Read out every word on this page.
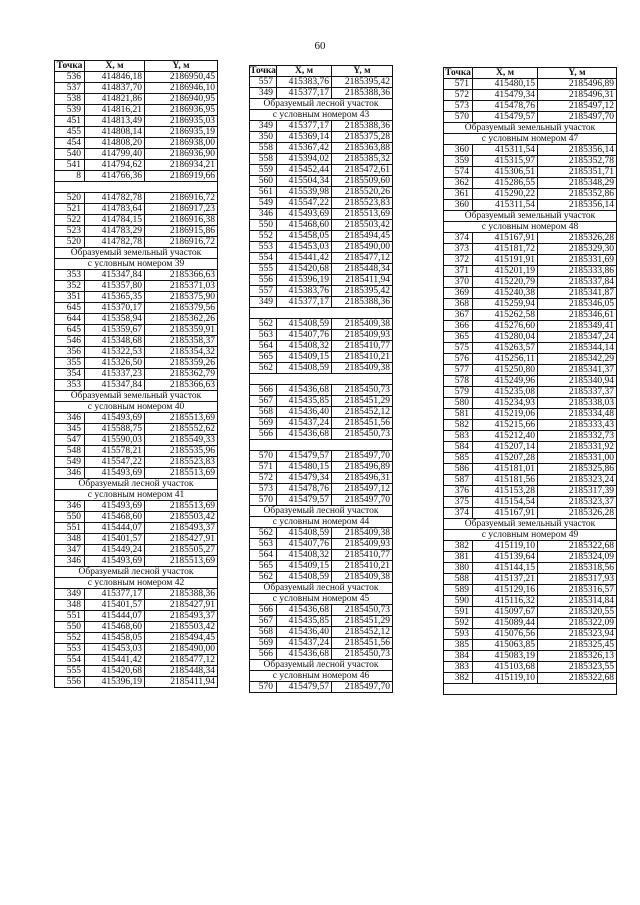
60
Точка	X, м	Y, м
536	414846,18	2186950,45
537	414837,70	2186946,10
538	414821,86	2186940,95
539	414816,21	2186936,95
451	414813,49	2186935,03
455	414808,14	2186935,19
454	414808,20	2186938,00
540	414799,40	2186936,90
541	414794,62	2186934,21
8	414766,36	2186919,66

520	414782,78	2186916,72
521	414783,64	2186917,23
522	414784,15	2186916,38
523	414783,29	2186915,86
520	414782,78	2186916,72
Образуемый земельный участок		
с условным номером 39		
353	415347,84	2185366,63
352	415357,80	2185371,03
351	415365,35	2185375,90
645	415370,17	2185379,56
644	415358,94	2185362,26
645	415359,67	2185359,91
546	415348,68	2185358,37
356	415322,53	2185354,32
355	415326,50	2185359,26
354	415337,23	2185362,79
353	415347,84	2185366,63
Образуемый земельный участок		
с условным номером 40		
346	415493,69	2185513,69
345	415588,75	2185552,62
547	415590,03	2185549,33
548	415578,21	2185535,96
549	415547,22	2185523,83
346	415493,69	2185513,69
Образуемый лесной участок		
с условным номером 41		
346	415493,69	2185513,69
550	415468,60	2185503,42
551	415444,07	2185493,37
348	415401,57	2185427,91
347	415449,24	2185505,27
346	415493,69	2185513,69
Образуемый лесной участок		
с условным номером 42		
349	415377,17	2185388,36
348	415401,57	2185427,91
551	415444,07	2185493,37
550	415468,60	2185503,42
552	415458,05	2185494,45
553	415453,03	2185490,00
554	415441,42	2185477,12
555	415420,68	2185448,34
556	415396,19	2185411,94
Точка	X, м	Y, м
557	415383,76	2185395,42
349	415377,17	2185388,36
Образуемый лесной участок		
с условным номером 43		
349	415377,17	2185388,36
350	415369,14	2185375,28
558	415367,42	2185363,88
558	415394,02	2185385,32
559	415452,44	2185472,61
560	415504,34	2185509,60
561	415539,98	2185520,26
549	415547,22	2185523,83
346	415493,69	2185513,69
550	415468,60	2185503,42
552	415458,05	2185494,45
553	415453,03	2185490,00
554	415441,42	2185477,12
555	415420,68	2185448,34
556	415396,19	2185411,94
557	415383,76	2185395,42
349	415377,17	2185388,36

562	415408,59	2185409,38
563	415407,76	2185409,93
564	415408,32	2185410,77
565	415409,15	2185410,21
562	415408,59	2185409,38

566	415436,68	2185450,73
567	415435,85	2185451,29
568	415436,40	2185452,12
569	415437,24	2185451,56
566	415436,68	2185450,73

570	415479,57	2185497,70
571	415480,15	2185496,89
572	415479,34	2185496,31
573	415478,76	2185497,12
570	415479,57	2185497,70
Образуемый лесной участок		
с условным номером 44		
562	415408,59	2185409,38
563	415407,76	2185409,93
564	415408,32	2185410,77
565	415409,15	2185410,21
562	415408,59	2185409,38
Образуемый лесной участок		
с условным номером 45		
566	415436,68	2185450,73
567	415435,85	2185451,29
568	415436,40	2185452,12
569	415437,24	2185451,56
566	415436,68	2185450,73
Образуемый лесной участок		
с условным номером 46		
570	415479,57	2185497,70
Точка	X, м	Y, м
571	415480,15	2185496,89
572	415479,34	2185496,31
573	415478,76	2185497,12
570	415479,57	2185497,70
Образуемый земельный участок		
с условным номером 47		
360	415311,54	2185356,14
359	415315,97	2185352,78
574	415306,51	2185351,71
362	415286,55	2185348,29
361	415290,22	2185352,86
360	415311,54	2185356,14
Образуемый земельный участок		
с условным номером 48		
374	415167,91	2185326,28
373	415181,72	2185329,30
372	415191,91	2185331,69
371	415201,19	2185333,86
370	415220,79	2185337,84
369	415240,38	2185341,87
368	415259,94	2185346,05
367	415262,58	2185346,61
366	415276,60	2185349,41
365	415280,04	2185347,24
575	415263,57	2185344,14
576	415256,11	2185342,29
577	415250,80	2185341,37
578	415249,96	2185340,94
579	415235,08	2185337,37
580	415234,93	2185338,03
581	415219,06	2185334,48
582	415215,66	2185333,43
583	415212,40	2185332,73
584	415207,14	2185331,92
585	415207,28	2185331,00
586	415181,01	2185325,86
587	415181,56	2185323,24
376	415153,28	2185317,39
375	415154,54	2185323,37
374	415167,91	2185326,28
Образуемый земельный участок		
с условным номером 49		
382	415119,10	2185322,68
381	415139,64	2185324,09
380	415144,15	2185318,56
588	415137,21	2185317,93
589	415129,16	2185316,57
590	415116,32	2185314,84
591	415097,67	2185320,55
592	415089,44	2185322,09
593	415076,56	2185323,94
385	415063,85	2185325,45
384	415083,19	2185326,13
383	415103,68	2185323,55
382	415119,10	2185322,68
